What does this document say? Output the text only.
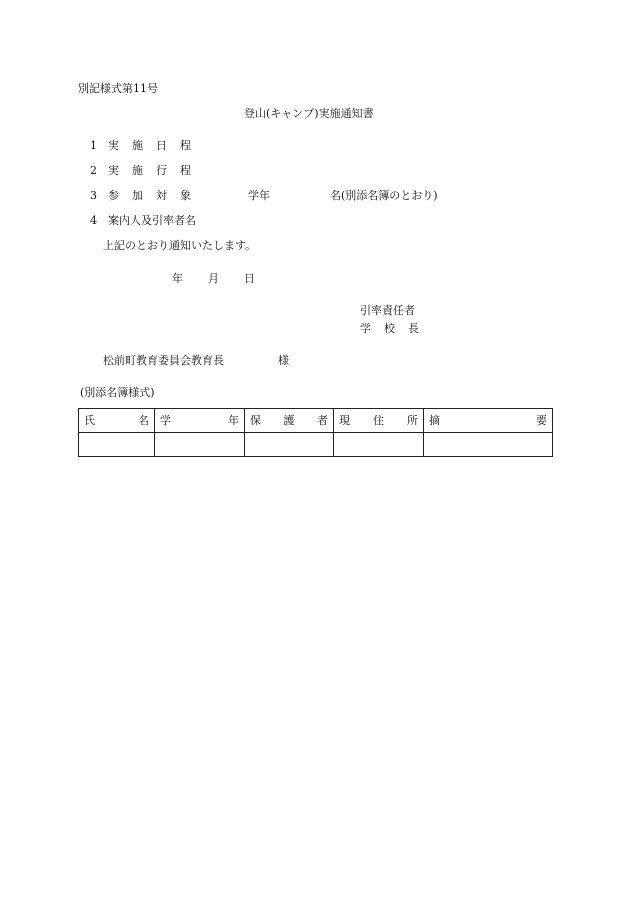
別記様式第11号
登山(キャンプ)実施通知書
1 実 施 日 程
2 実 施 行 程
3 参 加 対 象	学年	名(別添名簿のとおり)
4 案内人及引率者名
上記のとおり通知いたします。
年 月 日
引率責任者
学 校 長
松前町教育委員会教育長	様
(別添名簿様式)
氏 名	学 年	保 護 者	現 住 所	摘 要
